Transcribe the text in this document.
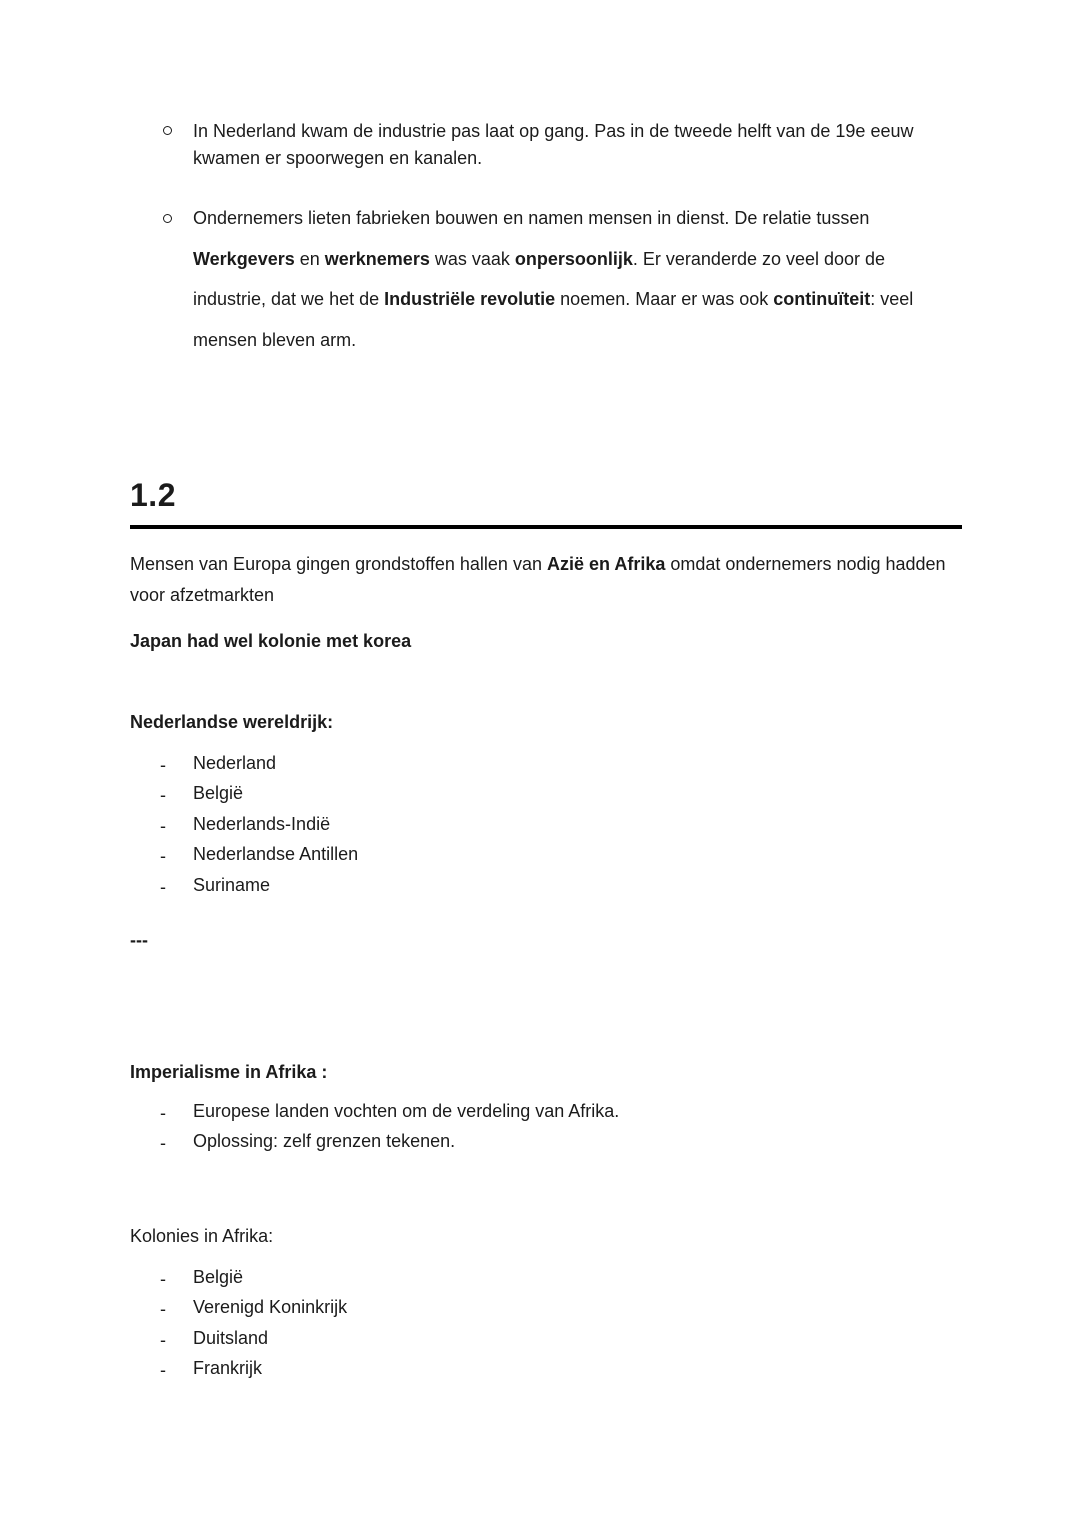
In Nederland kwam de industrie pas laat op gang. Pas in de tweede helft van de 19e eeuw kwamen er spoorwegen en kanalen.
Ondernemers lieten fabrieken bouwen en namen mensen in dienst. De relatie tussen Werkgevers en werknemers was vaak onpersoonlijk. Er veranderde zo veel door de industrie, dat we het de Industriële revolutie noemen. Maar er was ook continuïteit: veel mensen bleven arm.
1.2

Mensen van Europa gingen grondstoffen hallen van Azië en Afrika omdat ondernemers nodig hadden voor afzetmarkten

Japan had wel kolonie met korea

Nederlandse wereldrijk:

-	Nederland
-	België
-	Nederlands-Indië
-	Nederlandse Antillen
-	Suriname

---

Imperialisme in Afrika :

-	Europese landen vochten om de verdeling van Afrika.
-	Oplossing: zelf grenzen tekenen.

Kolonies in Afrika:

-	België
-	Verenigd Koninkrijk
-	Duitsland
-	Frankrijk
